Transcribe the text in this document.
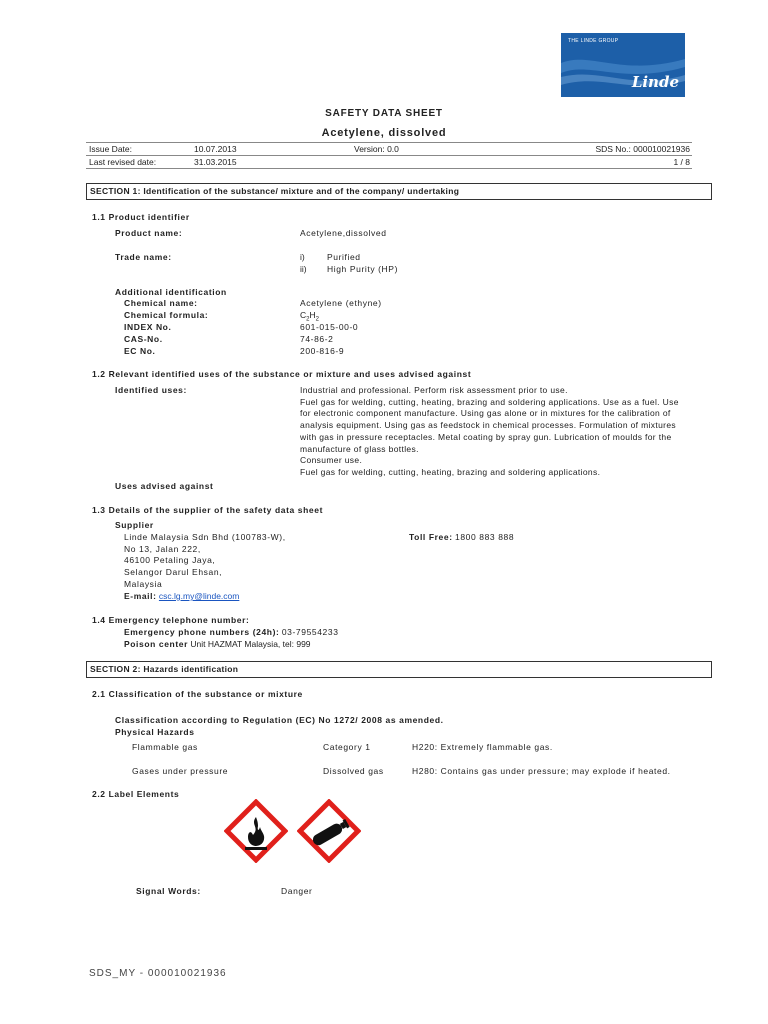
THE LINDE GROUP
Linde
SAFETY DATA SHEET
Acetylene, dissolved
Issue Date:	10.07.2013	Version: 0.0	SDS No.: 000010021936
Last revised date:	31.03.2015	1 / 8
SECTION 1: Identification of the substance/ mixture and of the company/ undertaking
1.1 Product identifier
Product name:	Acetylene,dissolved
Trade name:	i)	Purified
ii) High Purity (HP)
Additional identification
Chemical name:	Acetylene (ethyne)
Chemical formula:	$C_2H_2$
INDEX No.	601-015-00-0
CAS-No.	74-86-2
EC No.	200-816-9
1.2 Relevant identified uses of the substance or mixture and uses advised against
Identified uses:	Industrial and professional. Perform risk assessment prior to use.
Fuel gas for welding, cutting, heating, brazing and soldering applications. Use as a fuel. Use
for electronic component manufacture. Using gas alone or in mixtures for the calibration of
analysis equipment. Using gas as feedstock in chemical processes. Formulation of mixtures
with gas in pressure receptacles. Metal coating by spray gun. Lubrication of moulds for the
manufacture of glass bottles.
Consumer use.
Fuel gas for welding, cutting, heating, brazing and soldering applications.
Uses advised against
1.3 Details of the supplier of the safety data sheet
Supplier
Linde Malaysia Sdn Bhd (100783-W),
No 13, Jalan 222,
46100 Petaling Jaya,
Selangor Darul Ehsan,
Malaysia
E-mail: csc.lg.my@linde.com
Toll Free: 1800 883 888
1.4 Emergency telephone number:
Emergency phone numbers (24h): 03-79554233
Poison center Unit HAZMAT Malaysia, tel: 999
SECTION 2: Hazards identification
2.1 Classification of the substance or mixture
Classification according to Regulation (EC) No 1272/ 2008 as amended.
Physical Hazards
Flammable gas	Category 1	H220: Extremely flammable gas.
Gases under pressure	Dissolved gas	H280: Contains gas under pressure; may explode if heated.
2.2 Label Elements
Signal Words:	Danger
SDS_MY - 000010021936
